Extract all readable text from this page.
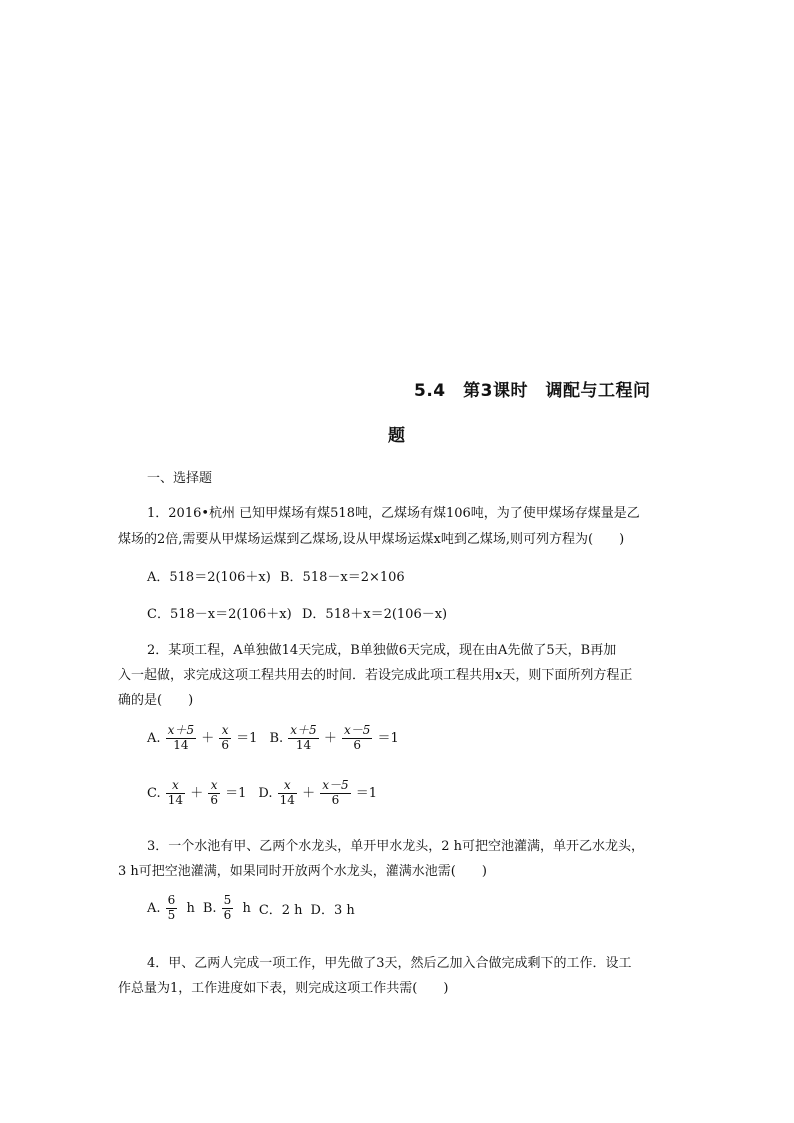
5.4　第3课时　调配与工程问
题
一、选择题
1．2016•杭州 已知甲煤场有煤518吨，乙煤场有煤106吨，为了使甲煤场存煤量是乙
煤场的2倍,需要从甲煤场运煤到乙煤场,设从甲煤场运煤x吨到乙煤场,则可列方程为(　　)
A．518＝2(106＋x) B．518－x＝2×106
C．518－x＝2(106＋x) D．518＋x＝2(106－x)
2．某项工程，A单独做14天完成，B单独做6天完成，现在由A先做了5天，B再加
入一起做，求完成这项工程共用去的时间．若设完成此项工程共用x天，则下面所列方程正
确的是(　　)
A. $\frac{x+5}{14} + \frac{x}{6} =1$ B. $\frac{x+5}{14} + \frac{x-5}{6} =1$
C. $\frac{x}{14} + \frac{x}{6} =1$ D. $\frac{x}{14} + \frac{x-5}{6} =1$
3．一个水池有甲、乙两个水龙头，单开甲水龙头，2 h可把空池灌满，单开乙水龙头，
3 h可把空池灌满，如果同时开放两个水龙头，灌满水池需(　　)
A. $\frac{6}{5}$ h B. $\frac{5}{6}$ h C．2 h D．3 h
4．甲、乙两人完成一项工作，甲先做了3天，然后乙加入合做完成剩下的工作．设工
作总量为1，工作进度如下表，则完成这项工作共需(　　)
